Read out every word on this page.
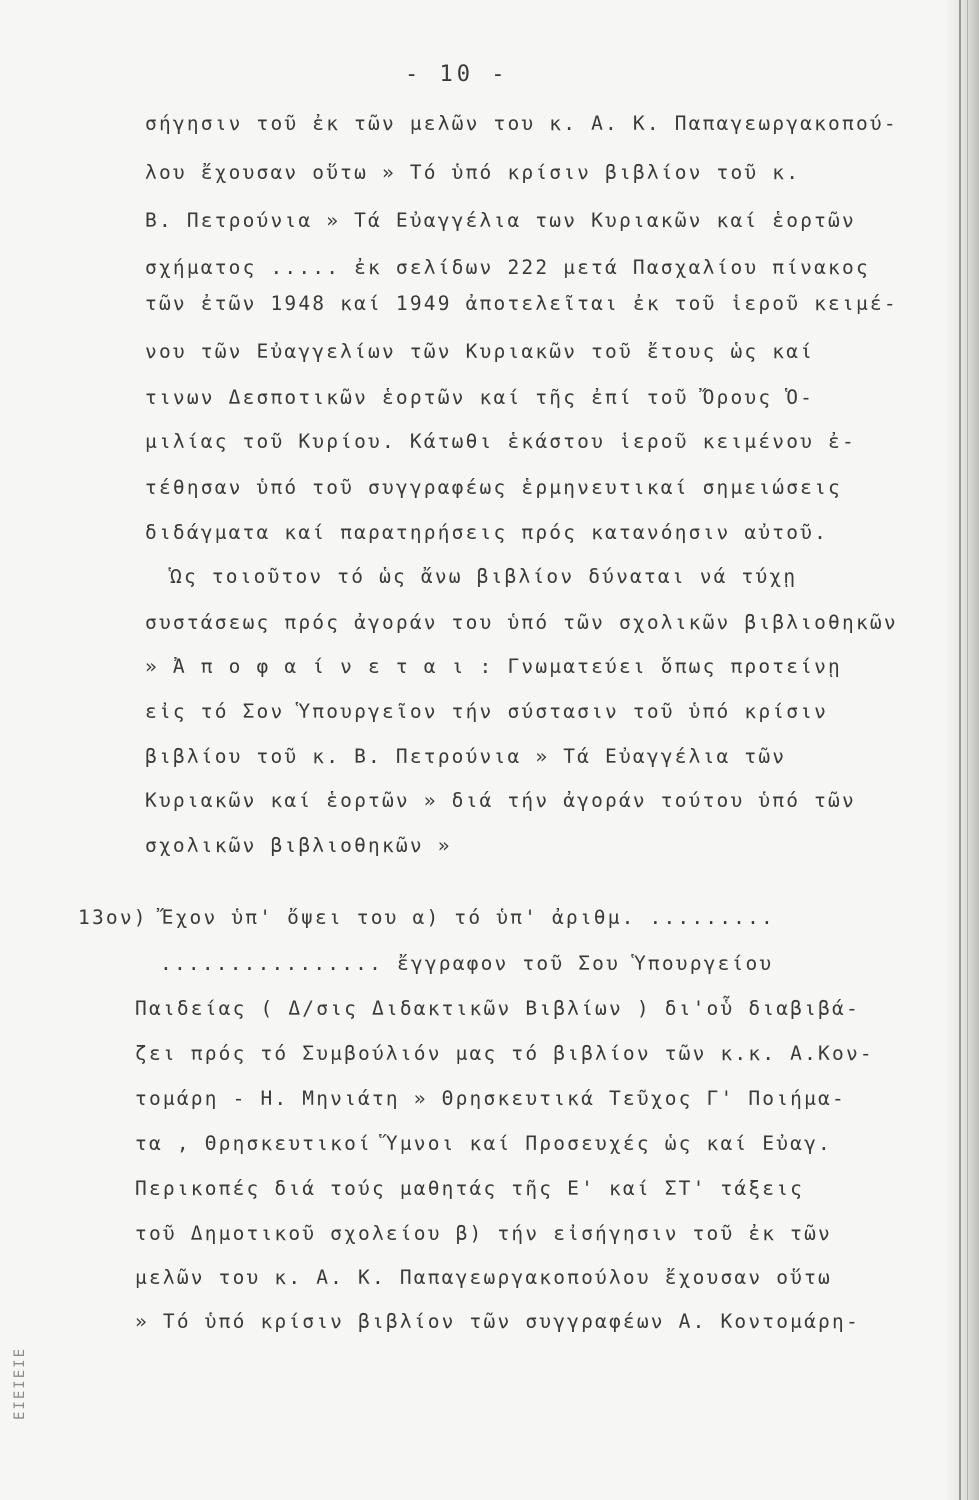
- 10 -
σήγησιν τοῦ ἐκ τῶν μελῶν του κ. Α. Κ. Παπαγεωργακοπού-
λου ἔχουσαν οὕτω » Τό ὑπό κρίσιν βιβλίον τοῦ κ.
Β. Πετρούνια » Τά Εὐαγγέλια των Κυριακῶν καί ἑορτῶν
σχήματος ..... ἐκ σελίδων 222 μετά Πασχαλίου πίνακος
τῶν ἐτῶν 1948 καί 1949 ἀποτελεῖται ἐκ τοῦ ἱεροῦ κειμέ-
νου τῶν Εὐαγγελίων τῶν Κυριακῶν τοῦ ἔτους ὡς καί
τινων Δεσποτικῶν ἑορτῶν καί τῆς ἐπί τοῦ Ὄρους Ὁ-
μιλίας τοῦ Κυρίου. Κάτωθι ἑκάστου ἱεροῦ κειμένου ἐ-
τέθησαν ὑπό τοῦ συγγραφέως ἑρμηνευτικαί σημειώσεις
διδάγματα καί παρατηρήσεις πρός κατανόησιν αὐτοῦ.
Ὡς τοιοῦτον τό ὡς ἄνω βιβλίον δύναται νά τύχῃ
συστάσεως πρός ἀγοράν του ὑπό τῶν σχολικῶν βιβλιοθηκῶν
» Ἀ π ο φ α ί ν ε τ α ι : Γνωματεύει ὅπως προτείνῃ
εἰς τό Σον Ὑπουργεῖον τήν σύστασιν τοῦ ὑπό κρίσιν
βιβλίου τοῦ κ. Β. Πετρούνια » Τά Εὐαγγέλια τῶν
Κυριακῶν καί ἑορτῶν » διά τήν ἀγοράν τούτου ὑπό τῶν
σχολικῶν βιβλιοθηκῶν »
13ον) Ἔχον ὑπ' ὄψει του α) τό ὑπ' ἀριθμ. .........
................ ἔγγραφον τοῦ Σου Ὑπουργείου
Παιδείας ( Δ/σις Διδακτικῶν Βιβλίων ) δι'οὗ διαβιβά-
ζει πρός τό Συμβούλιόν μας τό βιβλίον τῶν κ.κ. Α.Κον-
τομάρη - Η. Μηνιάτη » Θρησκευτικά Τεῦχος Γ' Ποιήμα-
τα , Θρησκευτικοί Ὕμνοι καί Προσευχές ὡς καί Εὐαγ.
Περικοπές διά τούς μαθητάς τῆς Ε' καί ΣΤ' τάξεις
τοῦ Δημοτικοῦ σχολείου β) τήν εἰσήγησιν τοῦ ἐκ τῶν
μελῶν του κ. Α. Κ. Παπαγεωργακοπούλου ἔχουσαν οὕτω
» Τό ὑπό κρίσιν βιβλίον τῶν συγγραφέων Α. Κοντομάρη-
ΕΙΕΙΕΙΕ
